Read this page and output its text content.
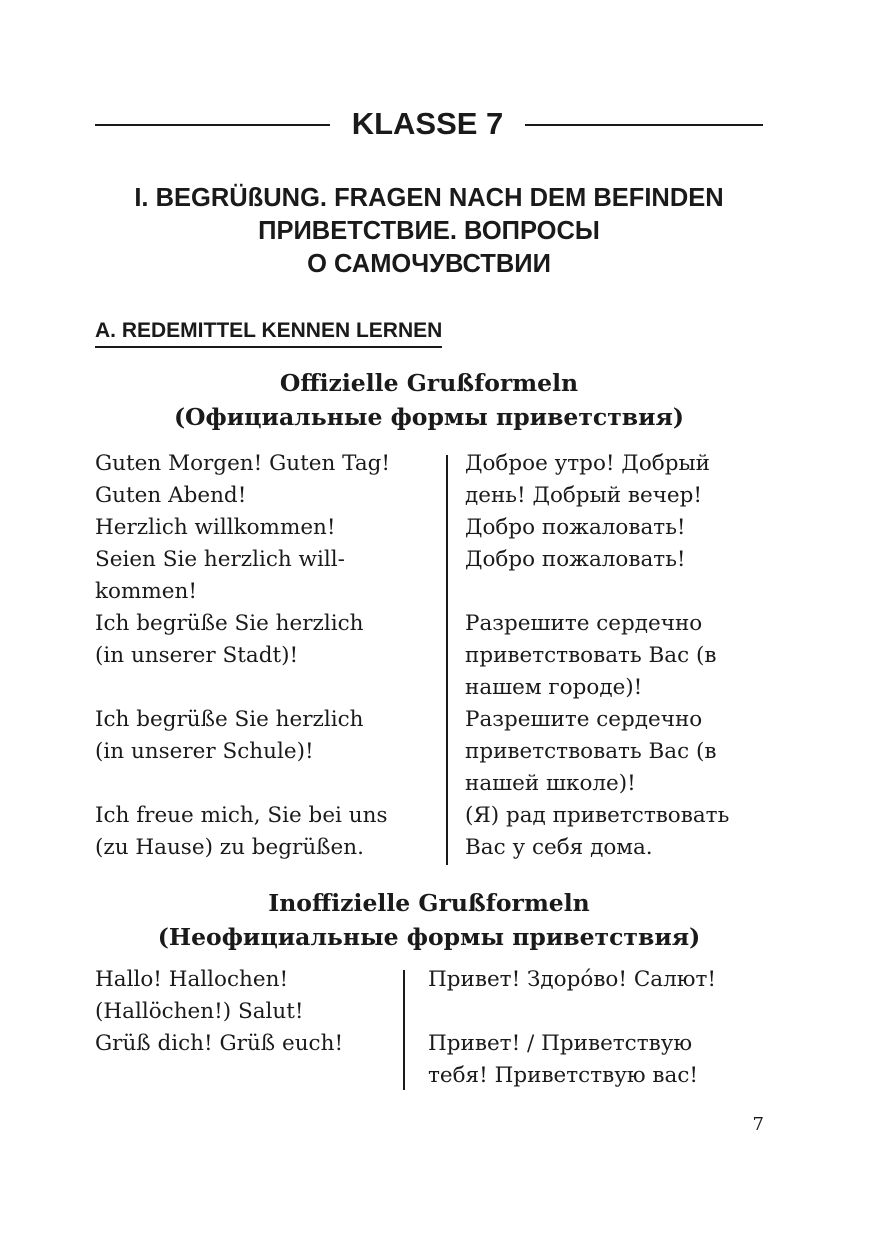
KLASSE 7
I. BEGRÜßUNG. FRAGEN NACH DEM BEFINDEN
ПРИВЕТСТВИЕ. ВОПРОСЫ
О САМОЧУВСТВИИ
A. REDEMITTEL KENNEN LERNEN
Offizielle Grußformeln
(Официальные формы приветствия)
Guten Morgen! Guten Tag!
Guten Abend!
Herzlich willkommen!
Seien Sie herzlich will-
kommen!
Ich begrüße Sie herzlich
(in unserer Stadt)!
Ich begrüße Sie herzlich
(in unserer Schule)!
Ich freue mich, Sie bei uns
(zu Hause) zu begrüßen.
Доброе утро! Добрый
день! Добрый вечер!
Добро пожаловать!
Добро пожаловать!
Разрешите сердечно
приветствовать Вас (в
нашем городе)!
Разрешите сердечно
приветствовать Вас (в
нашей школе)!
(Я) рад приветствовать
Вас у себя дома.
Inoffizielle Grußformeln
(Неофициальные формы приветствия)
Hallo! Hallochen!
(Hallöchen!) Salut!
Grüß dich! Grüß euch!
Привет! Здоро́во! Салют!
Привет! / Приветствую
тебя! Приветствую вас!
7
